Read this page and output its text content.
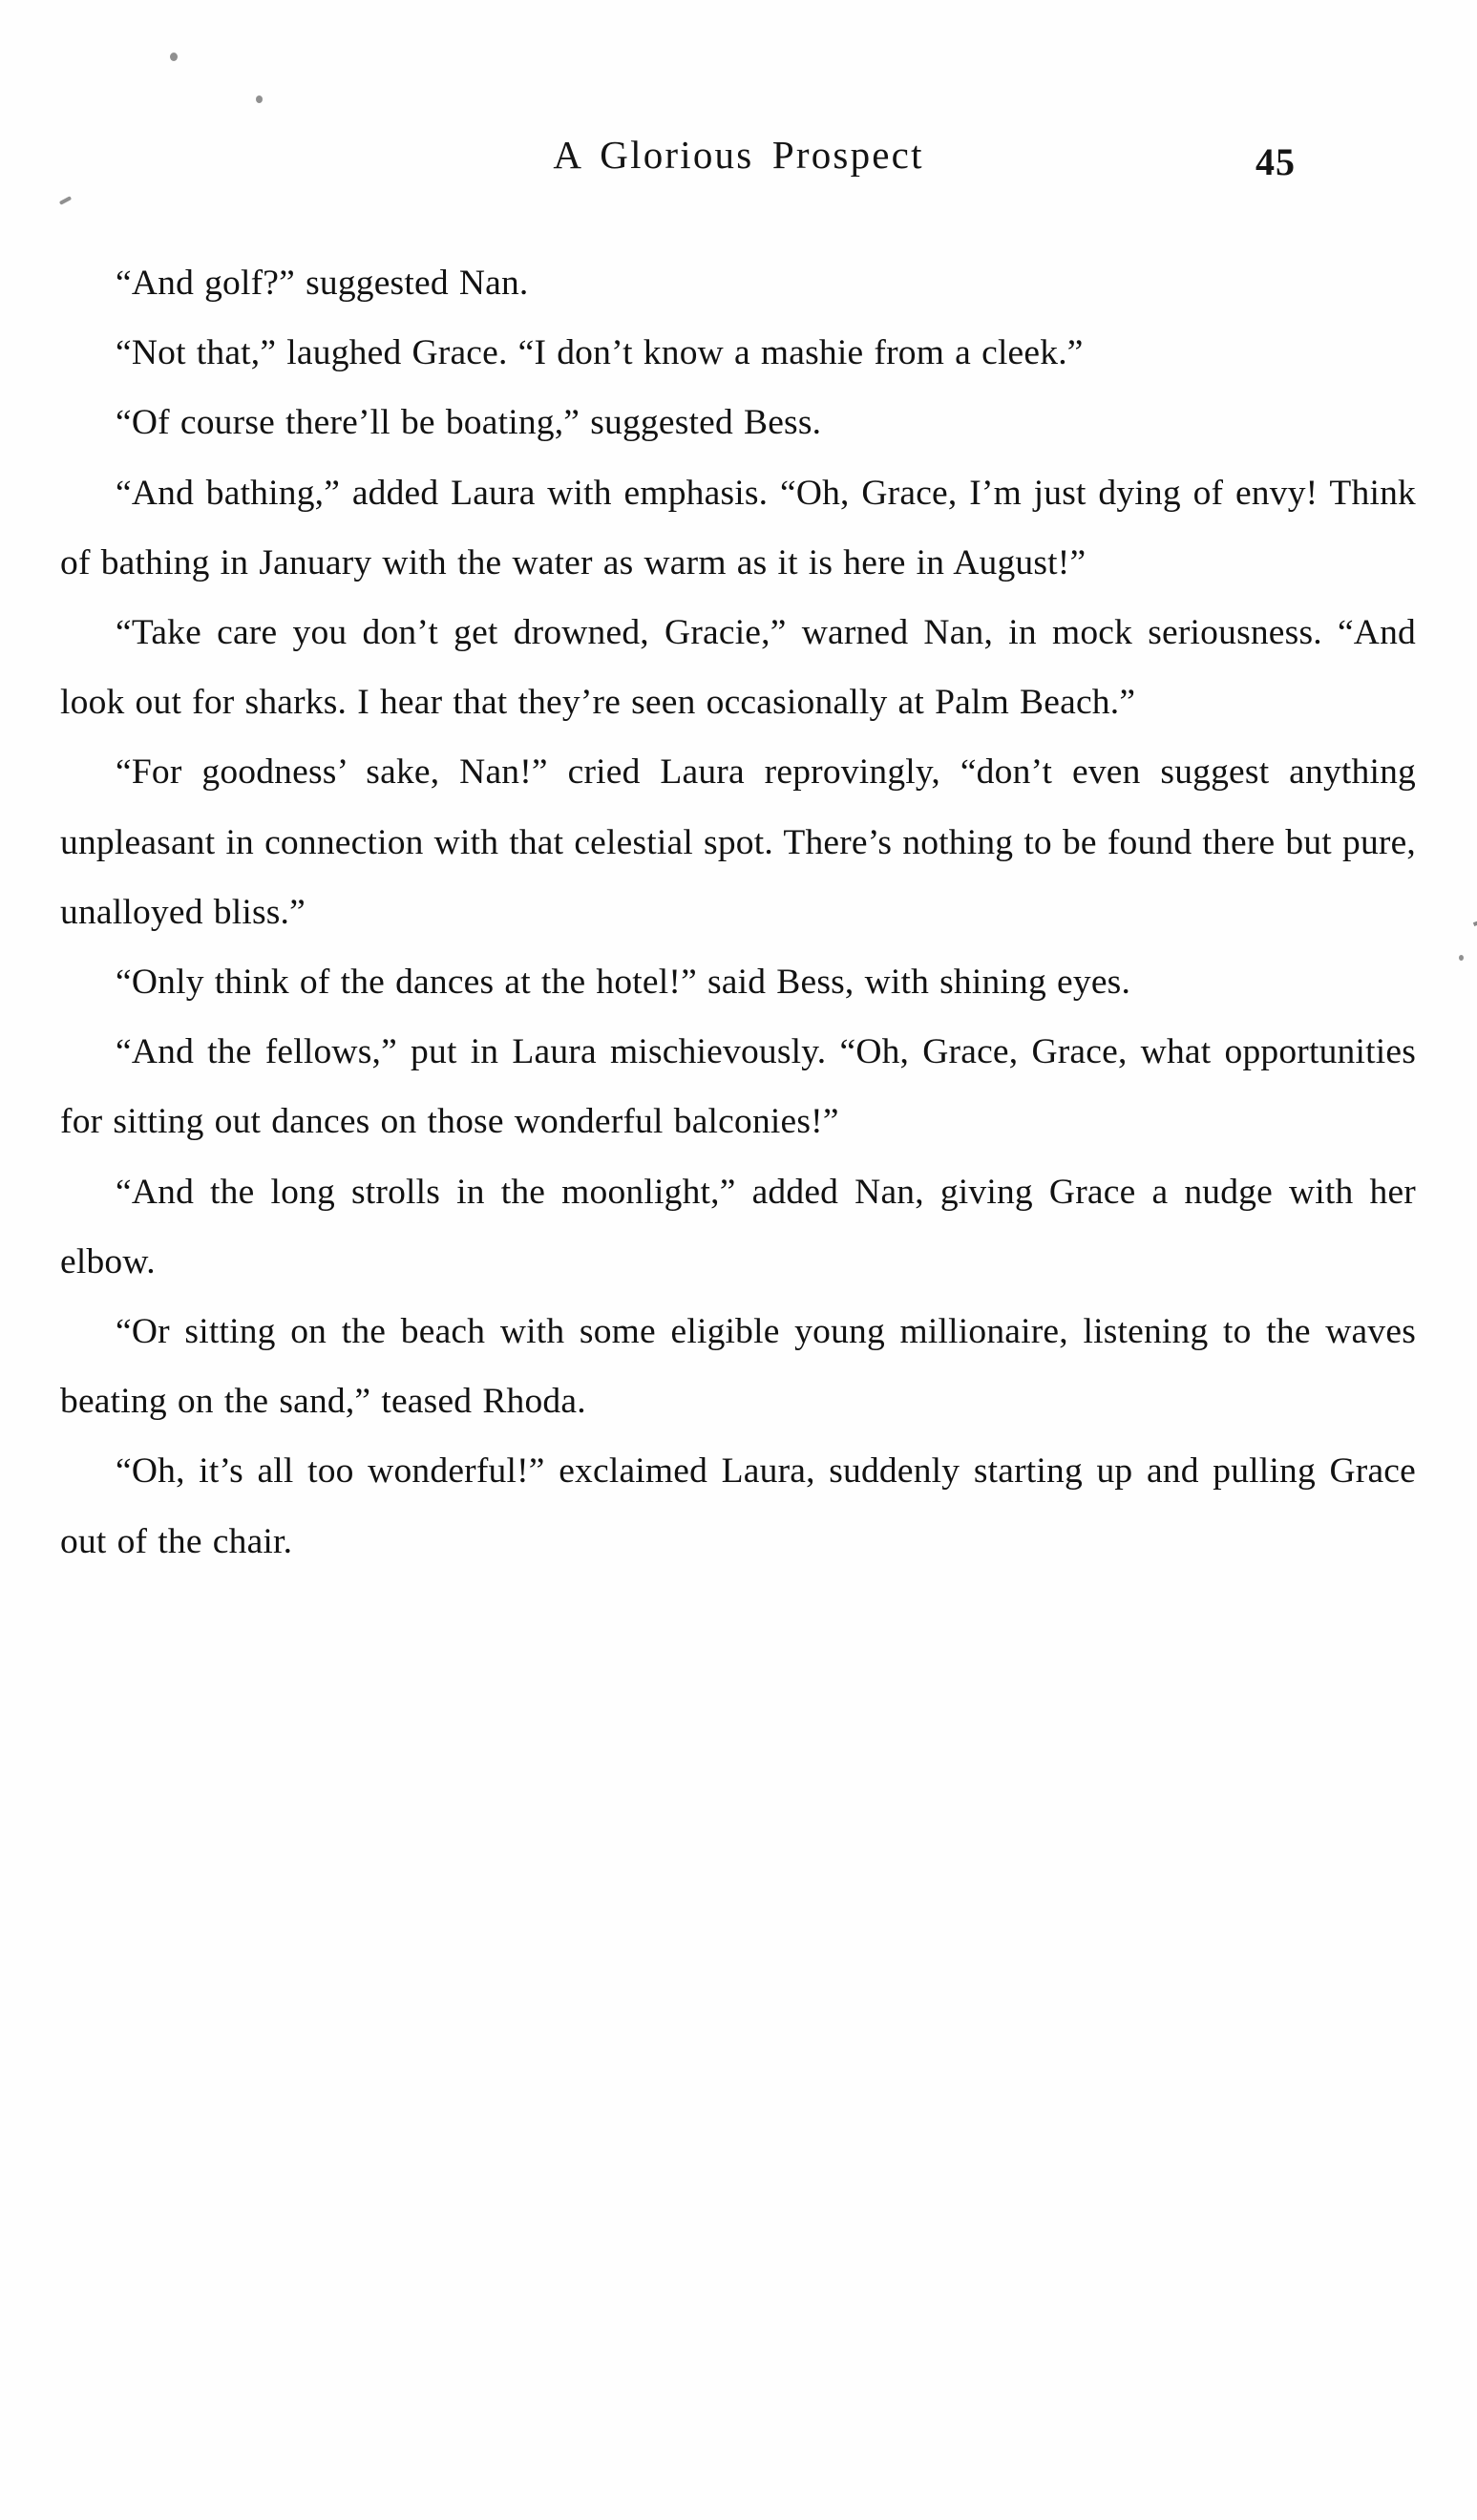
A Glorious Prospect	45

“And golf?” suggested Nan.

“Not that,” laughed Grace. “I don’t know a mashie from a cleek.”

“Of course there’ll be boating,” suggested Bess.

“And bathing,” added Laura with emphasis. “Oh, Grace, I’m just dying of envy! Think of bathing in January with the water as warm as it is here in August!”

“Take care you don’t get drowned, Gracie,” warned Nan, in mock seriousness. “And look out for sharks. I hear that they’re seen occasionally at Palm Beach.”

“For goodness’ sake, Nan!” cried Laura reprovingly, “don’t even suggest anything unpleasant in connection with that celestial spot. There’s nothing to be found there but pure, unalloyed bliss.”

“Only think of the dances at the hotel!” said Bess, with shining eyes.

“And the fellows,” put in Laura mischievously. “Oh, Grace, Grace, what opportunities for sitting out dances on those wonderful balconies!”

“And the long strolls in the moonlight,” added Nan, giving Grace a nudge with her elbow.

“Or sitting on the beach with some eligible young millionaire, listening to the waves beating on the sand,” teased Rhoda.

“Oh, it’s all too wonderful!” exclaimed Laura, suddenly starting up and pulling Grace out of the chair.
